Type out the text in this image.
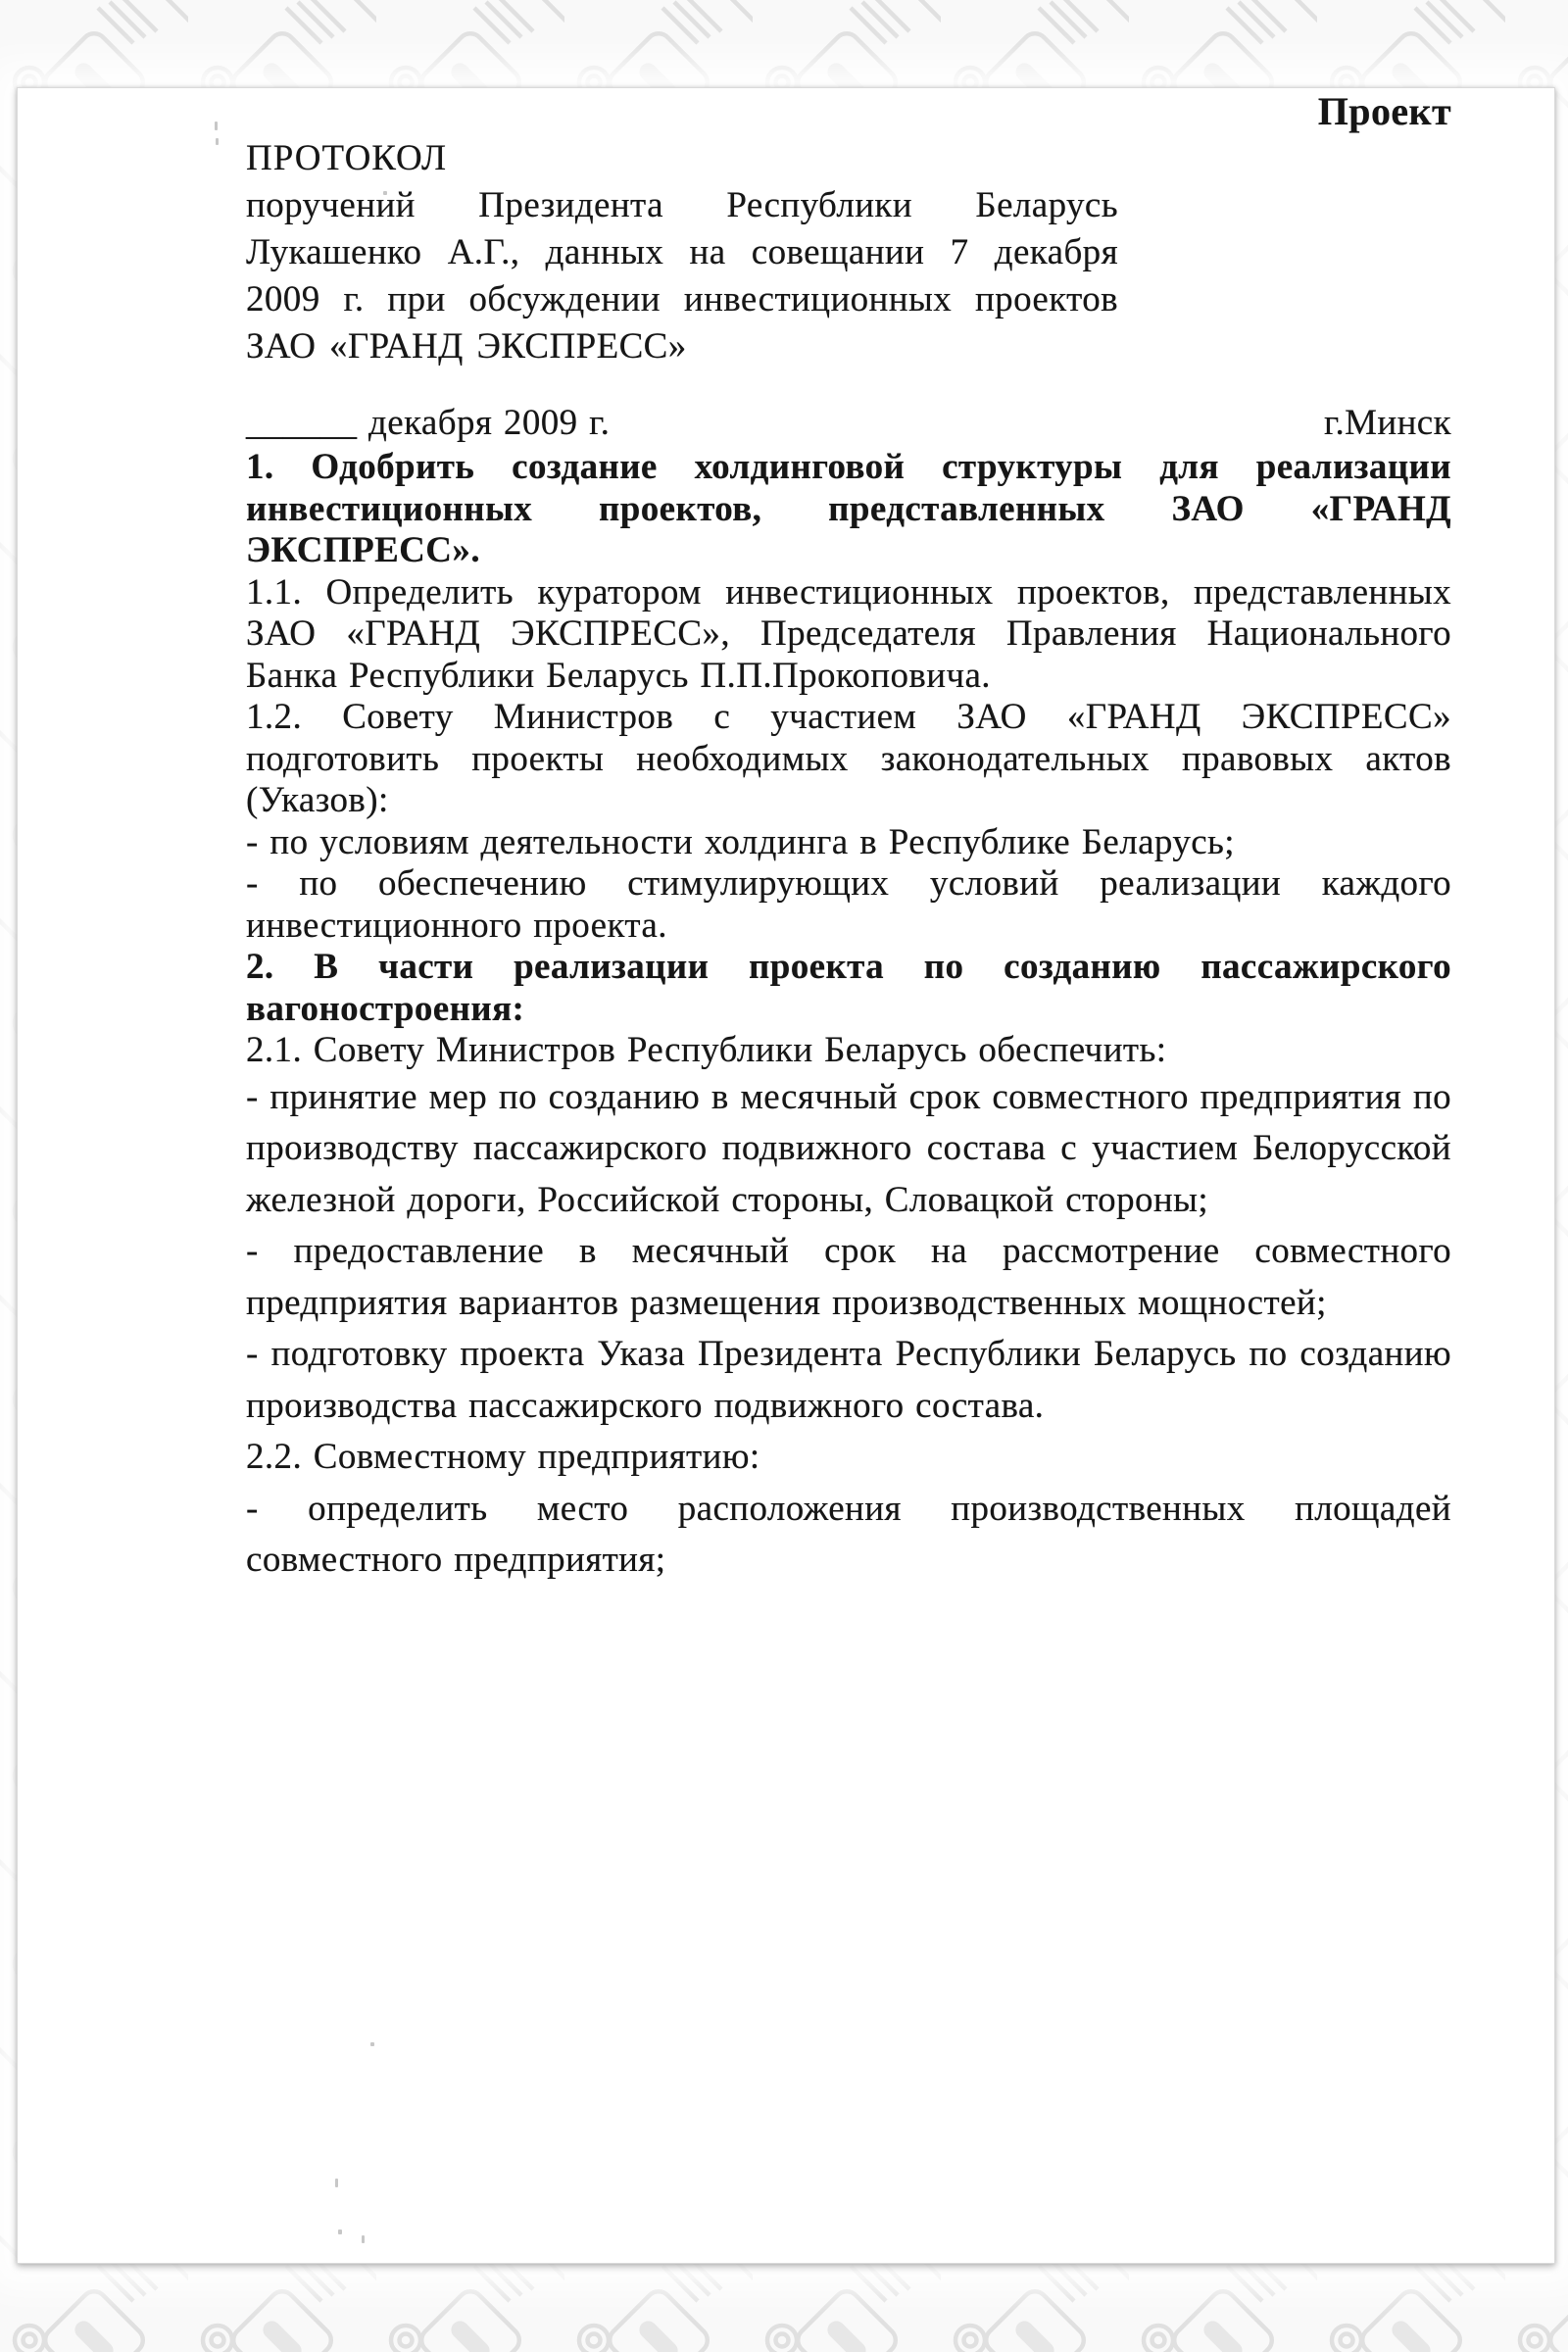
Проект

ПРОТОКОЛ

поручений Президента Республики Беларусь Лукашенко А.Г., данных на совещании 7 декабря 2009 г. при обсуждении инвестиционных проектов ЗАО «ГРАНД ЭКСПРЕСС»

______ декабря 2009 г.	г.Минск

1. Одобрить создание холдинговой структуры для реализации инвестиционных проектов, представленных ЗАО «ГРАНД ЭКСПРЕСС».

1.1. Определить куратором инвестиционных проектов, представленных ЗАО «ГРАНД ЭКСПРЕСС», Председателя Правления Национального Банка Республики Беларусь П.П.Прокоповича.

1.2. Совету Министров с участием ЗАО «ГРАНД ЭКСПРЕСС» подготовить проекты необходимых законодательных правовых актов (Указов):

- по условиям деятельности холдинга в Республике Беларусь;

- по обеспечению стимулирующих условий реализации каждого инвестиционного проекта.

2. В части реализации проекта по созданию пассажирского вагоностроения:

2.1. Совету Министров Республики Беларусь обеспечить:

- принятие мер по созданию в месячный срок совместного предприятия по производству пассажирского подвижного состава с участием Белорусской железной дороги, Российской стороны, Словацкой стороны;

- предоставление в месячный срок на рассмотрение совместного предприятия вариантов размещения производственных мощностей;

- подготовку проекта Указа Президента Республики Беларусь по созданию производства пассажирского подвижного состава.

2.2. Совместному предприятию:

- определить место расположения производственных площадей совместного предприятия;
